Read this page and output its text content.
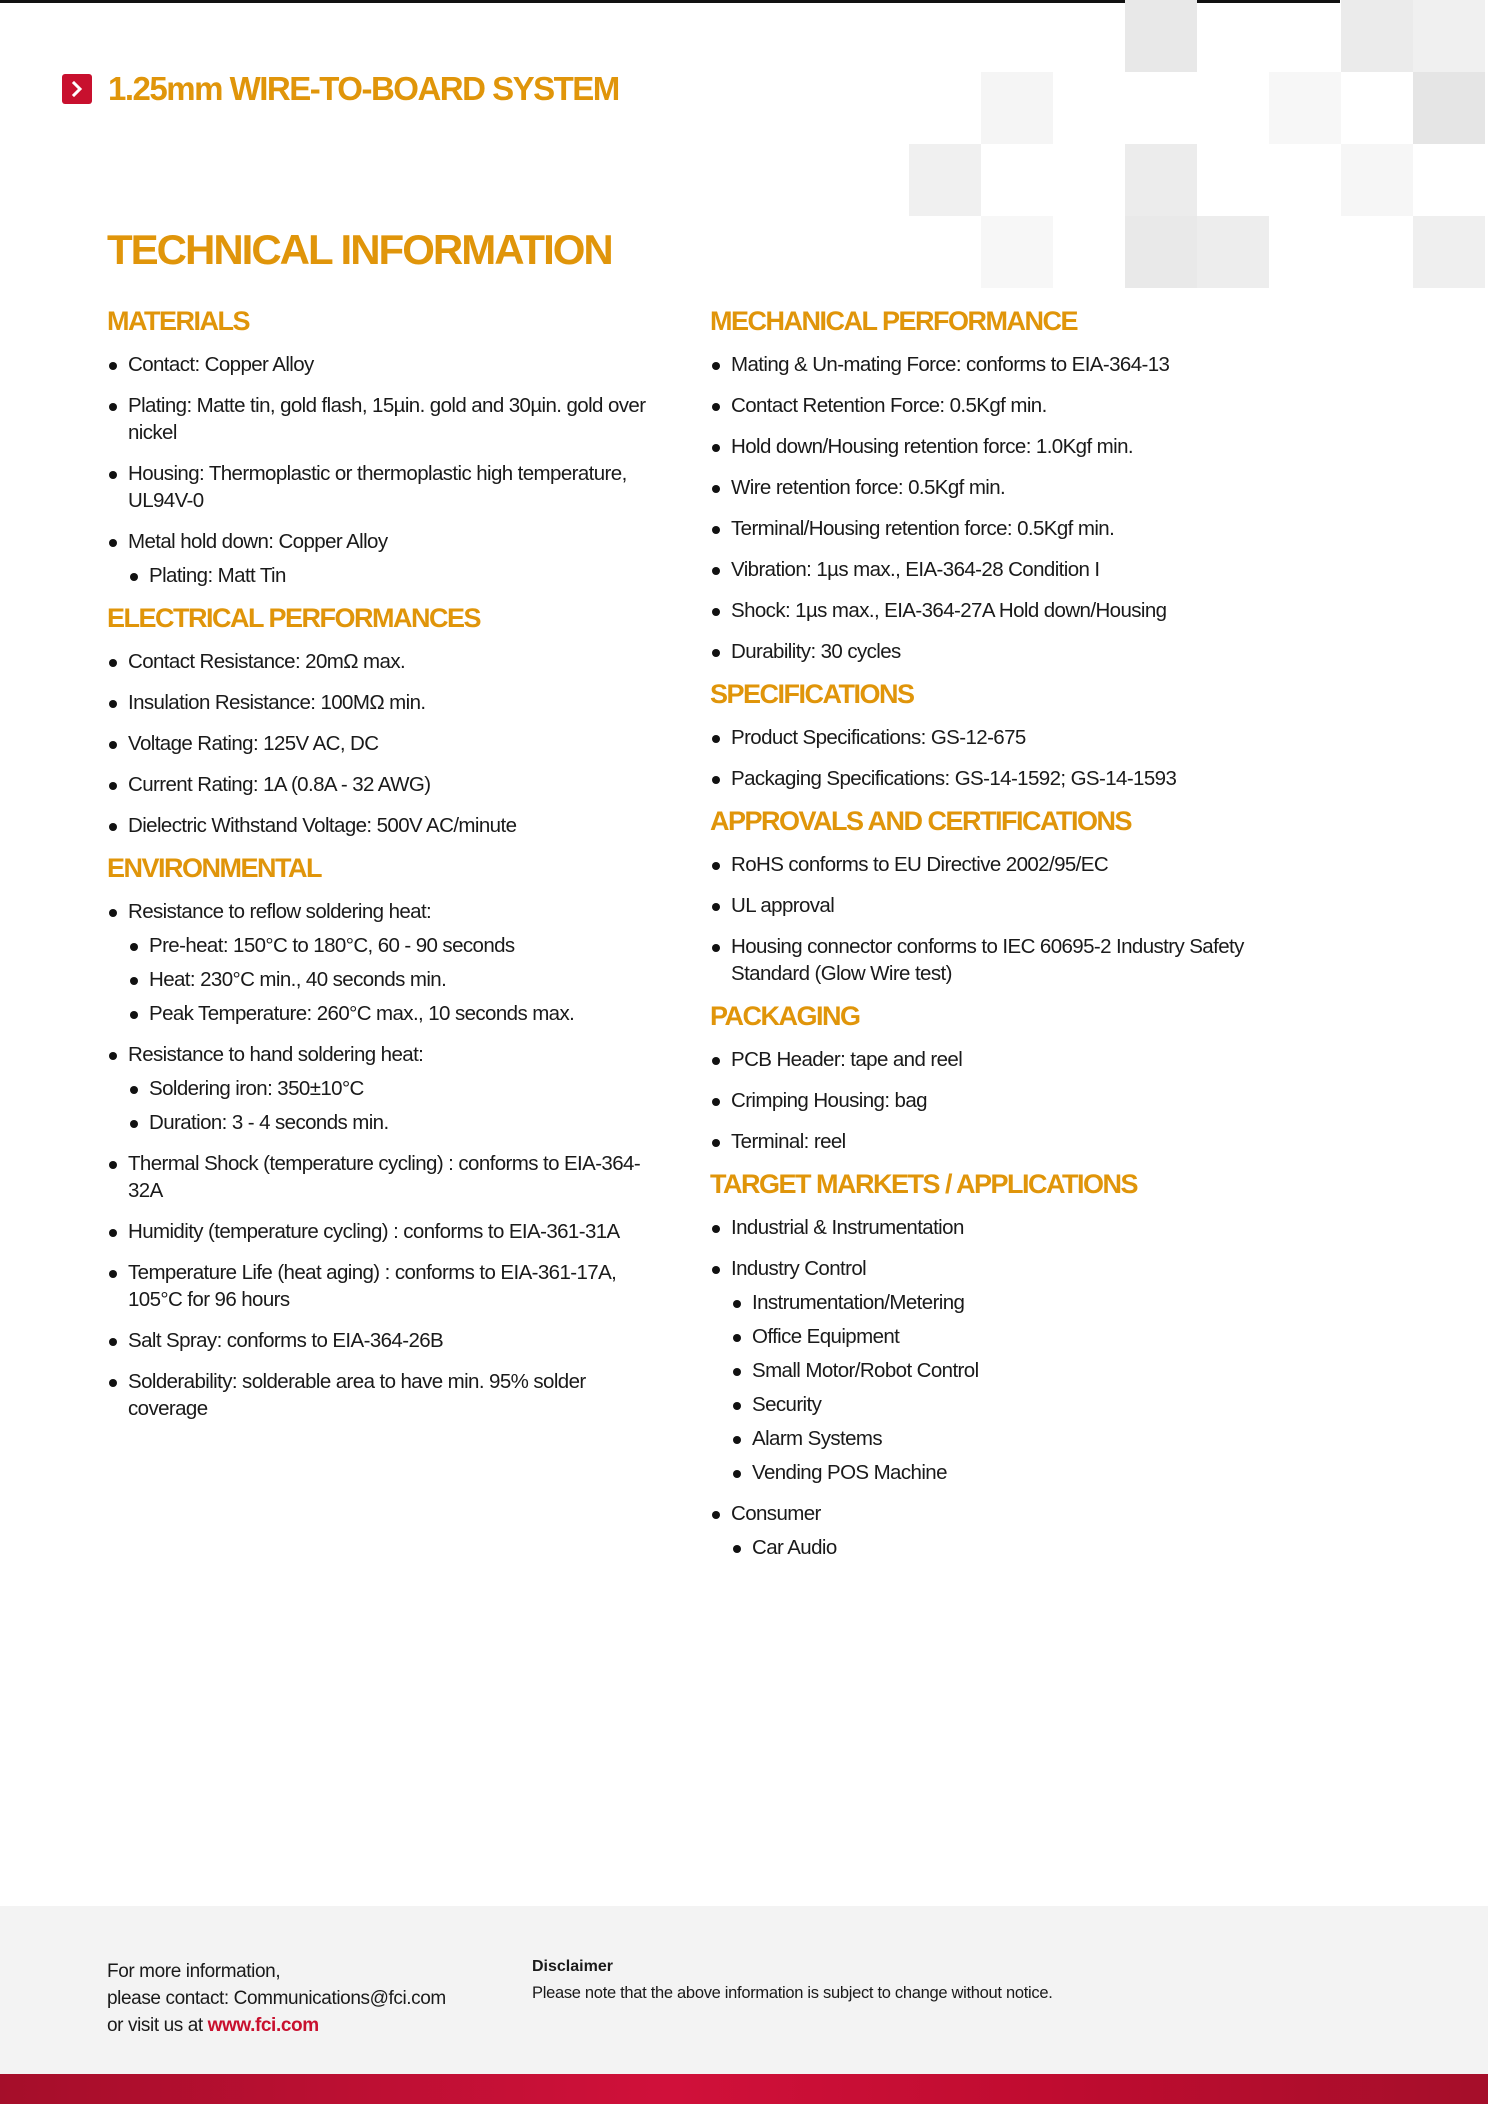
1.25mm WIRE-TO-BOARD SYSTEM
TECHNICAL INFORMATION
MATERIALS
Contact: Copper Alloy
Plating: Matte tin, gold flash, 15µin. gold and 30µin. gold over nickel
Housing: Thermoplastic or thermoplastic high temperature, UL94V-0
Metal hold down: Copper Alloy
Plating: Matt Tin
ELECTRICAL PERFORMANCES
Contact Resistance: 20mΩ max.
Insulation Resistance: 100MΩ min.
Voltage Rating: 125V AC, DC
Current Rating: 1A (0.8A - 32 AWG)
Dielectric Withstand Voltage: 500V AC/minute
ENVIRONMENTAL
Resistance to reflow soldering heat:
Pre-heat: 150°C to 180°C, 60 - 90 seconds
Heat: 230°C min., 40 seconds min.
Peak Temperature: 260°C max., 10 seconds max.
Resistance to hand soldering heat:
Soldering iron: 350±10°C
Duration: 3 - 4 seconds min.
Thermal Shock (temperature cycling) : conforms to EIA-364-32A
Humidity (temperature cycling) : conforms to EIA-361-31A
Temperature Life (heat aging) : conforms to EIA-361-17A, 105°C for 96 hours
Salt Spray: conforms to EIA-364-26B
Solderability: solderable area to have min. 95% solder coverage
MECHANICAL PERFORMANCE
Mating & Un-mating Force: conforms to EIA-364-13
Contact Retention Force: 0.5Kgf min.
Hold down/Housing retention force: 1.0Kgf min.
Wire retention force: 0.5Kgf min.
Terminal/Housing retention force: 0.5Kgf min.
Vibration: 1µs max., EIA-364-28 Condition I
Shock: 1µs max., EIA-364-27A Hold down/Housing
Durability: 30 cycles
SPECIFICATIONS
Product Specifications: GS-12-675
Packaging Specifications: GS-14-1592; GS-14-1593
APPROVALS AND CERTIFICATIONS
RoHS conforms to EU Directive 2002/95/EC
UL approval
Housing connector conforms to IEC 60695-2 Industry Safety Standard (Glow Wire test)
PACKAGING
PCB Header: tape and reel
Crimping Housing: bag
Terminal: reel
TARGET MARKETS / APPLICATIONS
Industrial & Instrumentation
Industry Control
Instrumentation/Metering
Office Equipment
Small Motor/Robot Control
Security
Alarm Systems
Vending POS Machine
Consumer
Car Audio
For more information,
please contact: Communications@fci.com
or visit us at www.fci.com
Disclaimer
Please note that the above information is subject to change without notice.
